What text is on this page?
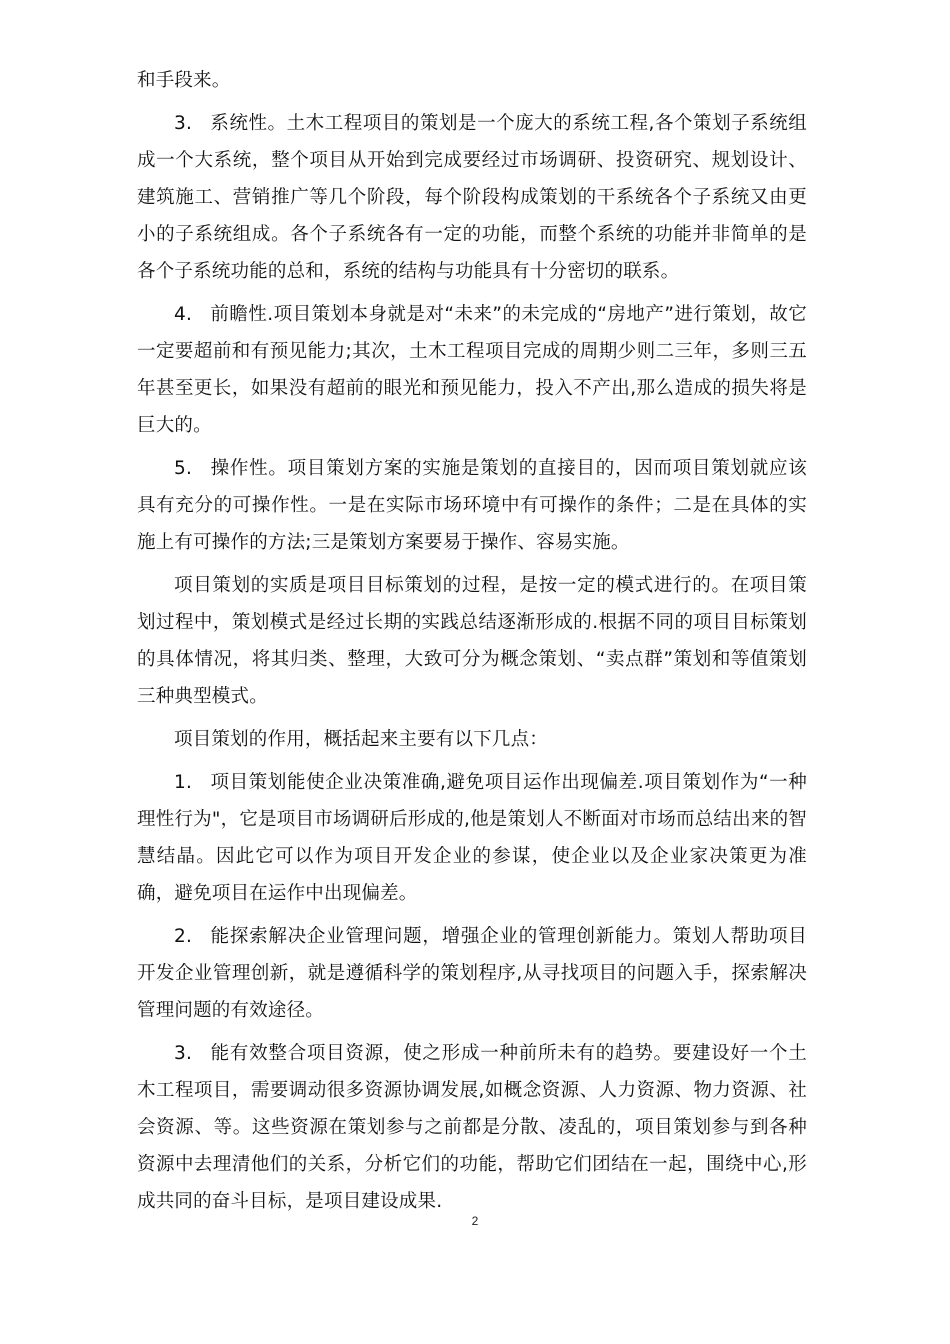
和手段来。

3. 系统性。土木工程项目的策划是一个庞大的系统工程,各个策划子系统组成一个大系统，整个项目从开始到完成要经过市场调研、投资研究、规划设计、建筑施工、营销推广等几个阶段，每个阶段构成策划的干系统各个子系统又由更小的子系统组成。各个子系统各有一定的功能，而整个系统的功能并非简单的是各个子系统功能的总和，系统的结构与功能具有十分密切的联系。

4. 前瞻性.项目策划本身就是对“未来”的未完成的“房地产”进行策划，故它一定要超前和有预见能力;其次，土木工程项目完成的周期少则二三年，多则三五年甚至更长，如果没有超前的眼光和预见能力，投入不产出,那么造成的损失将是巨大的。

5. 操作性。项目策划方案的实施是策划的直接目的，因而项目策划就应该具有充分的可操作性。一是在实际市场环境中有可操作的条件；二是在具体的实施上有可操作的方法;三是策划方案要易于操作、容易实施。

项目策划的实质是项目目标策划的过程，是按一定的模式进行的。在项目策划过程中，策划模式是经过长期的实践总结逐渐形成的.根据不同的项目目标策划的具体情况，将其归类、整理，大致可分为概念策划、“卖点群”策划和等值策划三种典型模式。

项目策划的作用，概括起来主要有以下几点：

1. 项目策划能使企业决策准确,避免项目运作出现偏差.项目策划作为“一种理性行为"，它是项目市场调研后形成的,他是策划人不断面对市场而总结出来的智慧结晶。因此它可以作为项目开发企业的参谋，使企业以及企业家决策更为准确，避免项目在运作中出现偏差。

2. 能探索解决企业管理问题，增强企业的管理创新能力。策划人帮助项目开发企业管理创新，就是遵循科学的策划程序,从寻找项目的问题入手，探索解决管理问题的有效途径。

3. 能有效整合项目资源，使之形成一种前所未有的趋势。要建设好一个土木工程项目，需要调动很多资源协调发展,如概念资源、人力资源、物力资源、社会资源、等。这些资源在策划参与之前都是分散、凌乱的，项目策划参与到各种资源中去理清他们的关系，分析它们的功能，帮助它们团结在一起，围绕中心,形成共同的奋斗目标，是项目建设成果.

2
